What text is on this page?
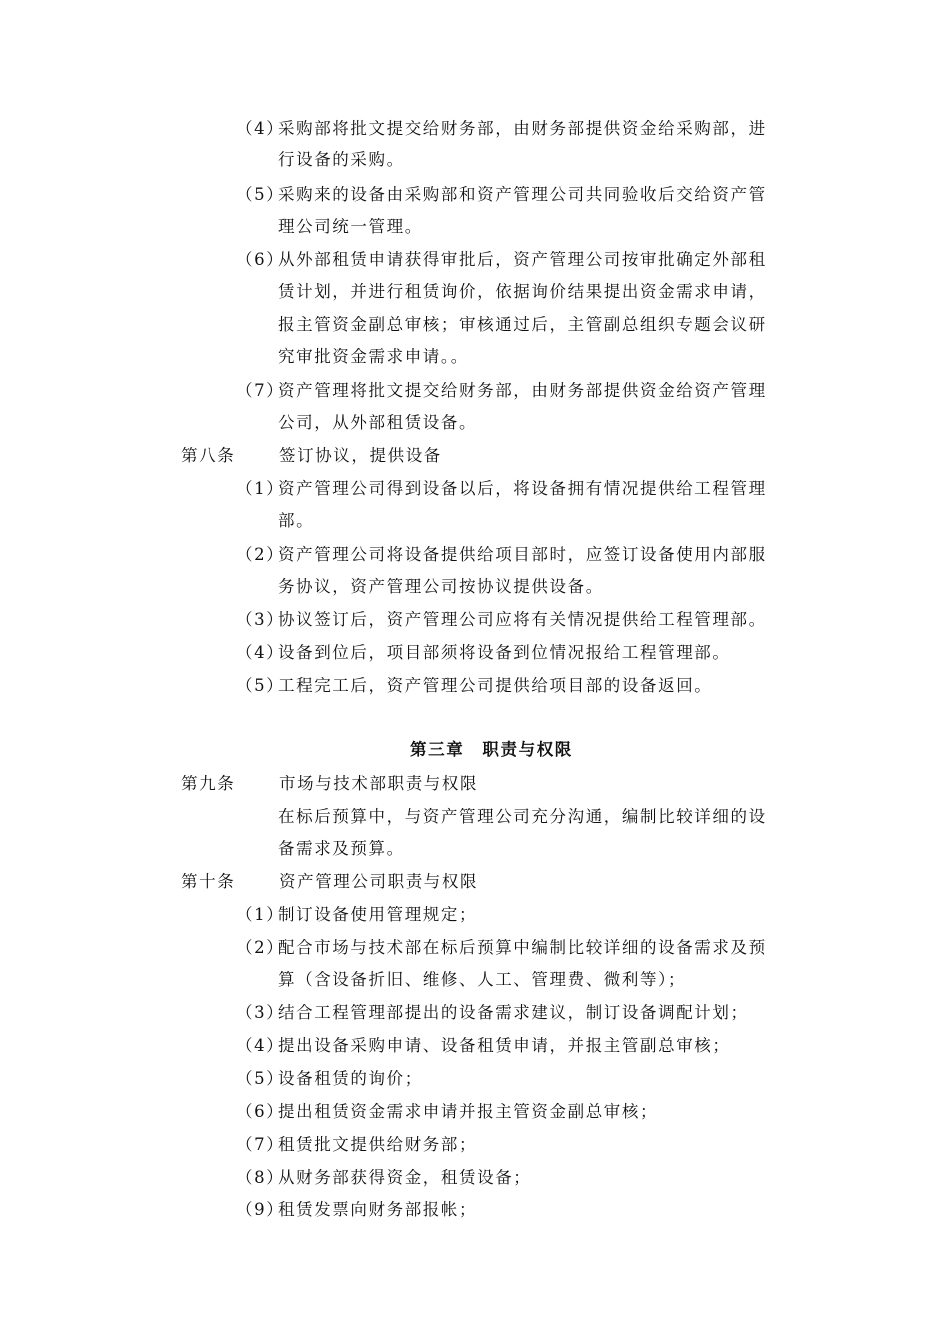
（4）采购部将批文提交给财务部，由财务部提供资金给采购部，进
行设备的采购。
（5）采购来的设备由采购部和资产管理公司共同验收后交给资产管
理公司统一管理。
（6）从外部租赁申请获得审批后，资产管理公司按审批确定外部租
赁计划，并进行租赁询价，依据询价结果提出资金需求申请，
报主管资金副总审核；审核通过后，主管副总组织专题会议研
究审批资金需求申请。。
（7）资产管理将批文提交给财务部，由财务部提供资金给资产管理
公司，从外部租赁设备。
第八条	签订协议，提供设备
（1）资产管理公司得到设备以后，将设备拥有情况提供给工程管理
部。
（2）资产管理公司将设备提供给项目部时，应签订设备使用内部服
务协议，资产管理公司按协议提供设备。
（3）协议签订后，资产管理公司应将有关情况提供给工程管理部。
（4）设备到位后，项目部须将设备到位情况报给工程管理部。
（5）工程完工后，资产管理公司提供给项目部的设备返回。
第三章　职责与权限
第九条	市场与技术部职责与权限
在标后预算中，与资产管理公司充分沟通，编制比较详细的设
备需求及预算。
第十条	资产管理公司职责与权限
（1）制订设备使用管理规定；
（2）配合市场与技术部在标后预算中编制比较详细的设备需求及预
算（含设备折旧、维修、人工、管理费、微利等）；
（3）结合工程管理部提出的设备需求建议，制订设备调配计划；
（4）提出设备采购申请、设备租赁申请，并报主管副总审核；
（5）设备租赁的询价；
（6）提出租赁资金需求申请并报主管资金副总审核；
（7）租赁批文提供给财务部；
（8）从财务部获得资金，租赁设备；
（9）租赁发票向财务部报帐；
